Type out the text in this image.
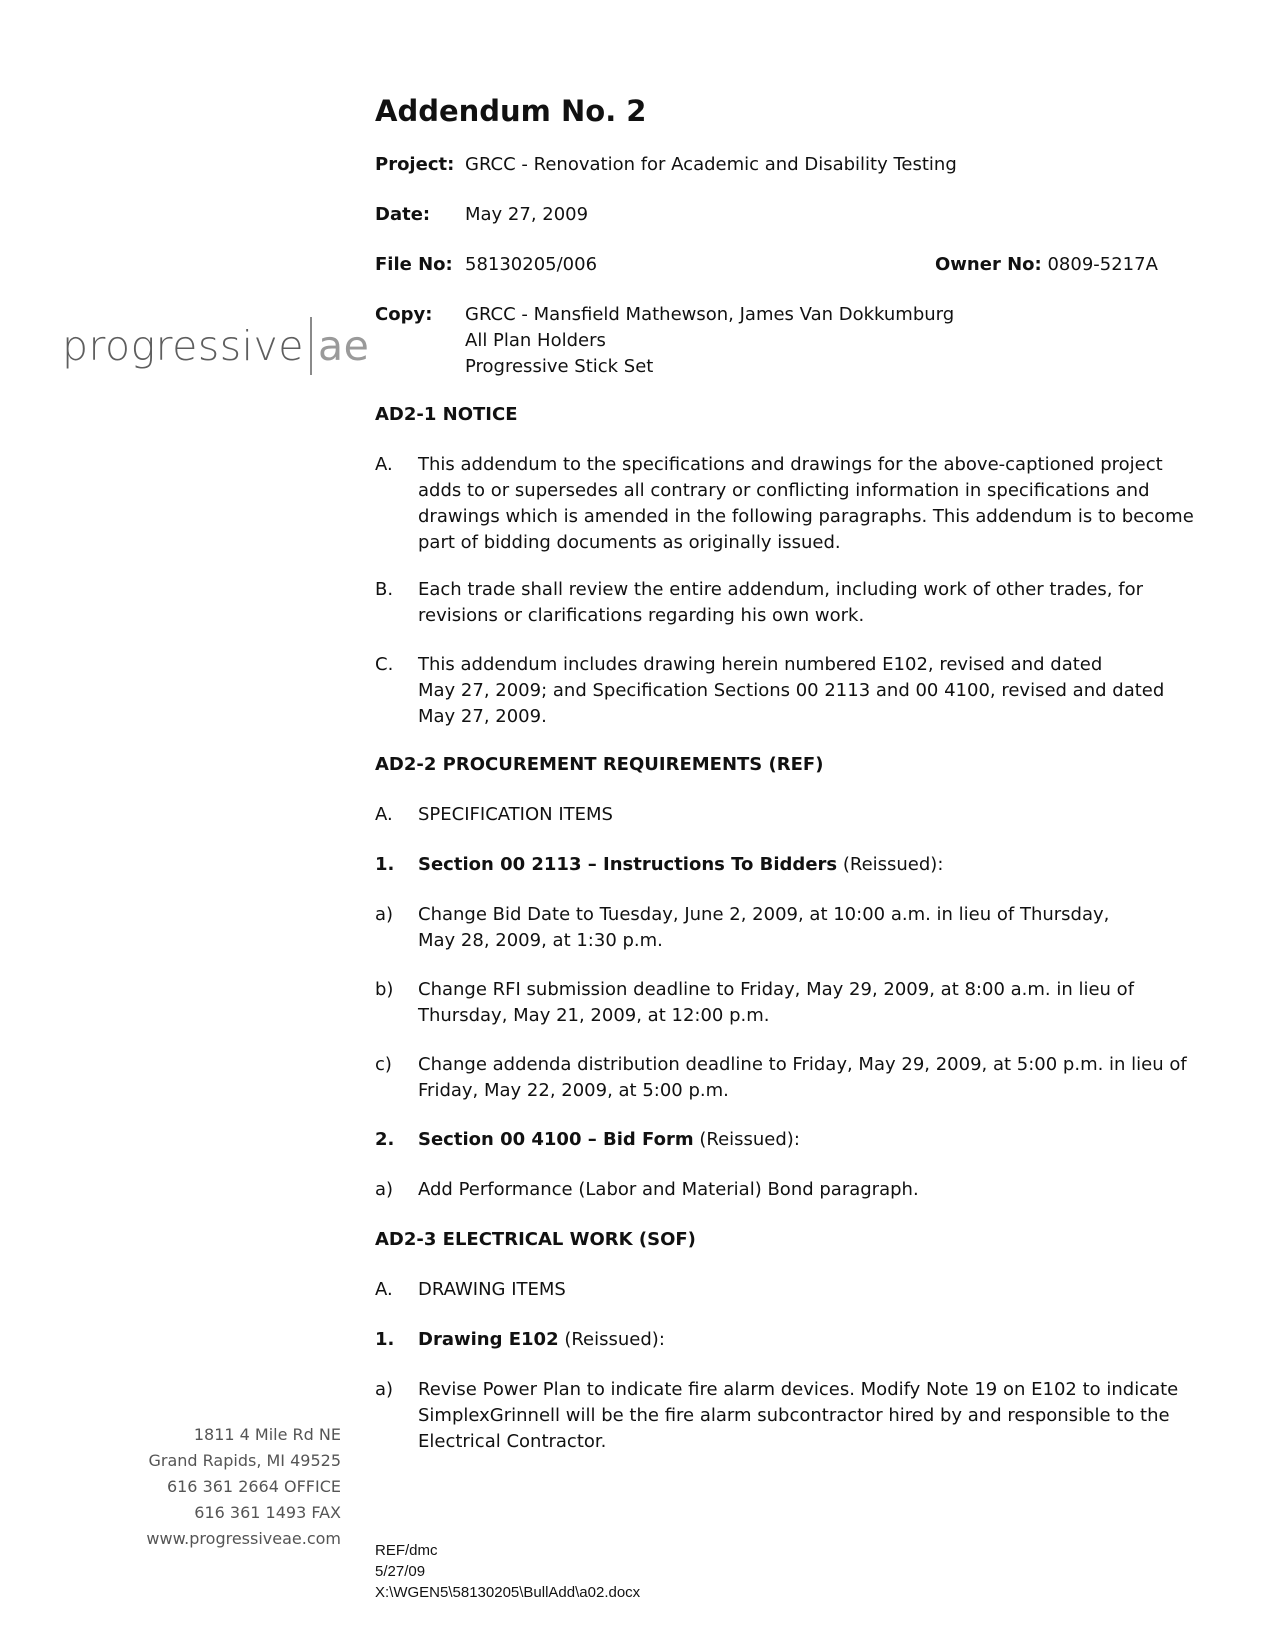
progressive ae
1811 4 Mile Rd NE
Grand Rapids, MI 49525
616 361 2664 OFFICE
616 361 1493 FAX
www.progressiveae.com
Addendum No. 2
Project: GRCC - Renovation for Academic and Disability Testing
Date: May 27, 2009
File No: 58130205/006	Owner No: 0809-5217A
Copy:	GRCC - Mansfield Mathewson, James Van Dokkumburg
All Plan Holders
Progressive Stick Set
AD2-1 NOTICE
A. This addendum to the specifications and drawings for the above-captioned project
adds to or supersedes all contrary or conflicting information in specifications and
drawings which is amended in the following paragraphs. This addendum is to become
part of bidding documents as originally issued.
B. Each trade shall review the entire addendum, including work of other trades, for
revisions or clarifications regarding his own work.
C. This addendum includes drawing herein numbered E102, revised and dated
May 27, 2009; and Specification Sections 00 2113 and 00 4100, revised and dated
May 27, 2009.
AD2-2 PROCUREMENT REQUIREMENTS (REF)
A. SPECIFICATION ITEMS
1. Section 00 2113 – Instructions To Bidders (Reissued):
a) Change Bid Date to Tuesday, June 2, 2009, at 10:00 a.m. in lieu of Thursday,
May 28, 2009, at 1:30 p.m.
b) Change RFI submission deadline to Friday, May 29, 2009, at 8:00 a.m. in lieu of
Thursday, May 21, 2009, at 12:00 p.m.
c) Change addenda distribution deadline to Friday, May 29, 2009, at 5:00 p.m. in lieu of
Friday, May 22, 2009, at 5:00 p.m.
2. Section 00 4100 – Bid Form (Reissued):
a) Add Performance (Labor and Material) Bond paragraph.
AD2-3 ELECTRICAL WORK (SOF)
A. DRAWING ITEMS
1. Drawing E102 (Reissued):
a) Revise Power Plan to indicate fire alarm devices. Modify Note 19 on E102 to indicate
SimplexGrinnell will be the fire alarm subcontractor hired by and responsible to the
Electrical Contractor.
REF/dmc
5/27/09
X:\WGEN5\58130205\BullAdd\a02.docx
